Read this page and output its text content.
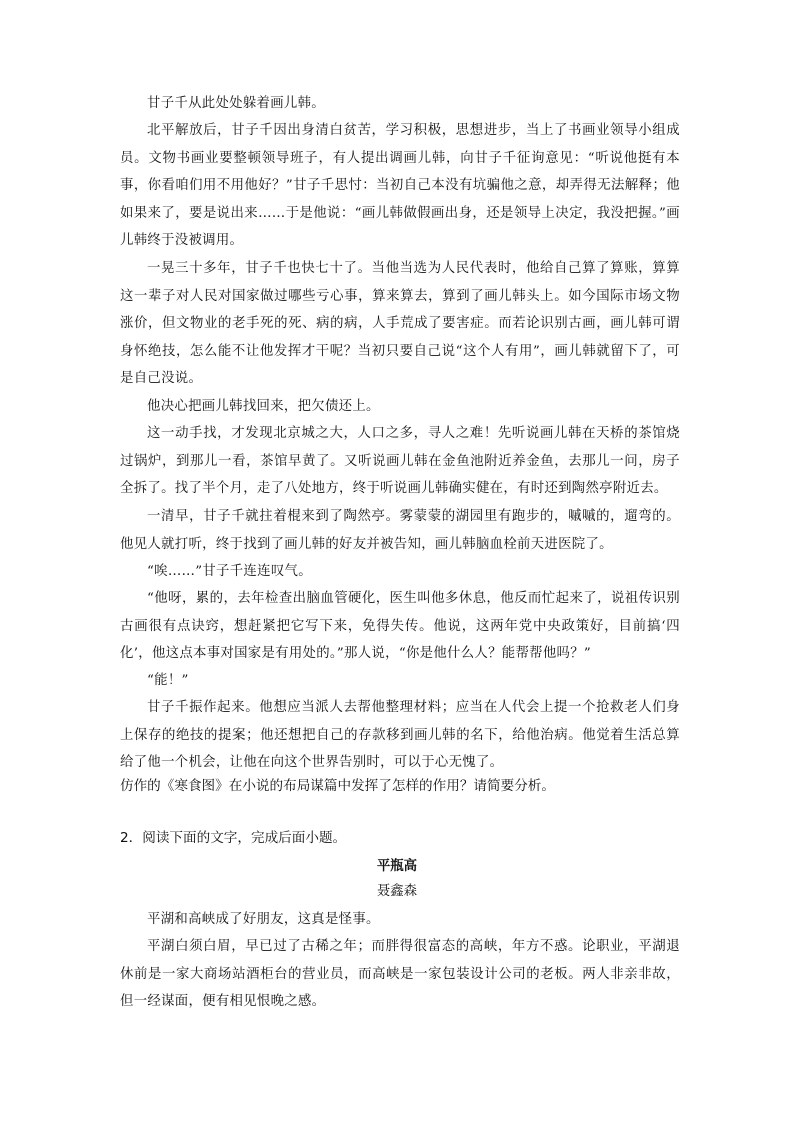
甘子千从此处处躲着画儿韩。

北平解放后，甘子千因出身清白贫苦，学习积极，思想进步，当上了书画业领导小组成员。文物书画业要整顿领导班子，有人提出调画儿韩，向甘子千征询意见：“听说他挺有本事，你看咱们用不用他好？”甘子千思忖：当初自己本没有坑骗他之意，却弄得无法解释；他如果来了，要是说出来……于是他说：“画儿韩做假画出身，还是领导上决定，我没把握。”画儿韩终于没被调用。

一晃三十多年，甘子千也快七十了。当他当选为人民代表时，他给自己算了算账，算算这一辈子对人民对国家做过哪些亏心事，算来算去，算到了画儿韩头上。如今国际市场文物涨价，但文物业的老手死的死、病的病，人手荒成了要害症。而若论识别古画，画儿韩可谓身怀绝技，怎么能不让他发挥才干呢？当初只要自己说“这个人有用”，画儿韩就留下了，可是自己没说。

他决心把画儿韩找回来，把欠债还上。

这一动手找，才发现北京城之大，人口之多，寻人之难！先听说画儿韩在天桥的茶馆烧过锅炉，到那儿一看，茶馆早黄了。又听说画儿韩在金鱼池附近养金鱼，去那儿一问，房子全拆了。找了半个月，走了八处地方，终于听说画儿韩确实健在，有时还到陶然亭附近去。

一清早，甘子千就拄着棍来到了陶然亭。雾蒙蒙的湖园里有跑步的，嘁嘁的，遛弯的。他见人就打听，终于找到了画儿韩的好友并被告知，画儿韩脑血栓前天进医院了。

“唉……”甘子千连连叹气。

“他呀，累的，去年检查出脑血管硬化，医生叫他多休息，他反而忙起来了，说祖传识别古画很有点诀窍，想赶紧把它写下来，免得失传。他说，这两年党中央政策好，目前搞‘四化’，他这点本事对国家是有用处的。”那人说，“你是他什么人？能帮帮他吗？”

“能！”

甘子千振作起来。他想应当派人去帮他整理材料；应当在人代会上提一个抢救老人们身上保存的绝技的提案；他还想把自己的存款移到画儿韩的名下，给他治病。他觉着生活总算给了他一个机会，让他在向这个世界告别时，可以于心无愧了。

仿作的《寒食图》在小说的布局谋篇中发挥了怎样的作用？请简要分析。

2．阅读下面的文字，完成后面小题。

平瓶高

聂鑫森

平湖和高峡成了好朋友，这真是怪事。

平湖白须白眉，早已过了古稀之年；而胖得很富态的高峡，年方不惑。论职业，平湖退休前是一家大商场站酒柜台的营业员，而高峡是一家包装设计公司的老板。两人非亲非故，但一经谋面，便有相见恨晚之感。
